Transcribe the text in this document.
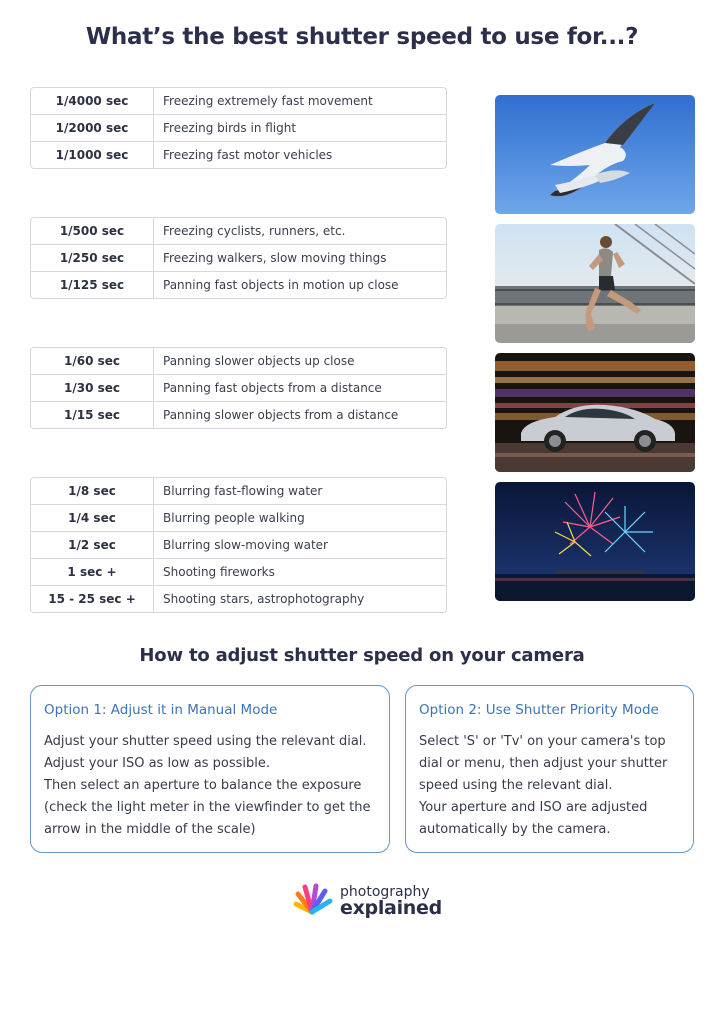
What’s the best shutter speed to use for...?
1/4000 sec	Freezing extremely fast movement
1/2000 sec	Freezing birds in flight
1/1000 sec	Freezing fast motor vehicles
1/500 sec	Freezing cyclists, runners, etc.
1/250 sec	Freezing walkers, slow moving things
1/125 sec	Panning fast objects in motion up close
1/60 sec	Panning slower objects up close
1/30 sec	Panning fast objects from a distance
1/15 sec	Panning slower objects from a distance
1/8 sec	Blurring fast-flowing water
1/4 sec	Blurring people walking
1/2 sec	Blurring slow-moving water
1 sec +	Shooting fireworks
15 - 25 sec +	Shooting stars, astrophotography
How to adjust shutter speed on your camera
Option 1: Adjust it in Manual Mode
Adjust your shutter speed using the relevant dial.
Adjust your ISO as low as possible.
Then select an aperture to balance the exposure
(check the light meter in the viewfinder to get the
arrow in the middle of the scale)
Option 2: Use Shutter Priority Mode
Select 'S' or 'Tv' on your camera's top
dial or menu, then adjust your shutter
speed using the relevant dial.
Your aperture and ISO are adjusted
automatically by the camera.
photography
explained
